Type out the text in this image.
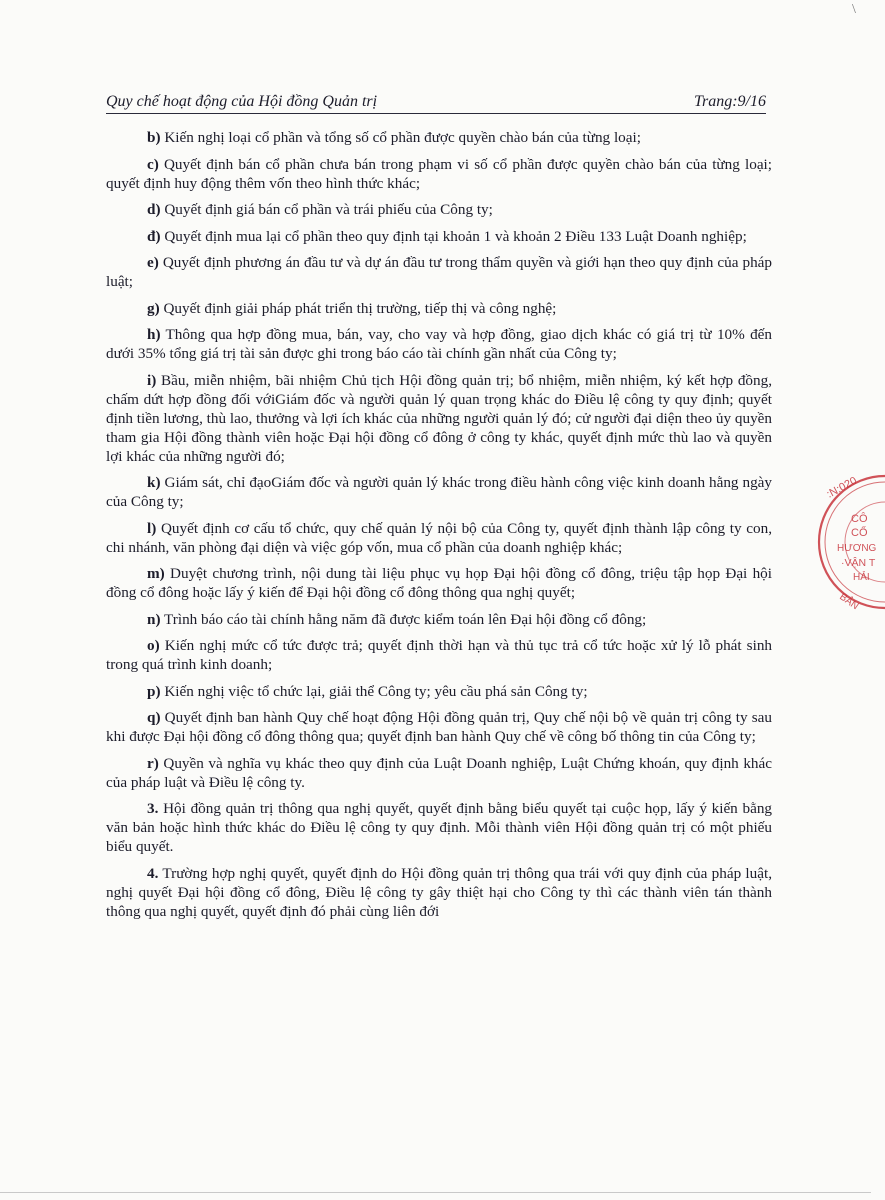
Quy chế hoạt động của Hội đồng Quản trị	Trang:9/16

b) Kiến nghị loại cổ phần và tổng số cổ phần được quyền chào bán của từng loại;

c) Quyết định bán cổ phần chưa bán trong phạm vi số cổ phần được quyền chào bán của từng loại; quyết định huy động thêm vốn theo hình thức khác;

d) Quyết định giá bán cổ phần và trái phiếu của Công ty;

đ) Quyết định mua lại cổ phần theo quy định tại khoản 1 và khoản 2 Điều 133 Luật Doanh nghiệp;

e) Quyết định phương án đầu tư và dự án đầu tư trong thẩm quyền và giới hạn theo quy định của pháp luật;

g) Quyết định giải pháp phát triển thị trường, tiếp thị và công nghệ;

h) Thông qua hợp đồng mua, bán, vay, cho vay và hợp đồng, giao dịch khác có giá trị từ 10% đến dưới 35% tổng giá trị tài sản được ghi trong báo cáo tài chính gần nhất của Công ty;

i) Bầu, miễn nhiệm, bãi nhiệm Chủ tịch Hội đồng quản trị; bổ nhiệm, miễn nhiệm, ký kết hợp đồng, chấm dứt hợp đồng đối vớiGiám đốc và người quản lý quan trọng khác do Điều lệ công ty quy định; quyết định tiền lương, thù lao, thưởng và lợi ích khác của những người quản lý đó; cử người đại diện theo ủy quyền tham gia Hội đồng thành viên hoặc Đại hội đồng cổ đông ở công ty khác, quyết định mức thù lao và quyền lợi khác của những người đó;

k) Giám sát, chỉ đạoGiám đốc và người quản lý khác trong điều hành công việc kinh doanh hằng ngày của Công ty;

l) Quyết định cơ cấu tổ chức, quy chế quản lý nội bộ của Công ty, quyết định thành lập công ty con, chi nhánh, văn phòng đại diện và việc góp vốn, mua cổ phần của doanh nghiệp khác;

m) Duyệt chương trình, nội dung tài liệu phục vụ họp Đại hội đồng cổ đông, triệu tập họp Đại hội đồng cổ đông hoặc lấy ý kiến để Đại hội đồng cổ đông thông qua nghị quyết;

n) Trình báo cáo tài chính hằng năm đã được kiểm toán lên Đại hội đồng cổ đông;

o) Kiến nghị mức cổ tức được trả; quyết định thời hạn và thủ tục trả cổ tức hoặc xử lý lỗ phát sinh trong quá trình kinh doanh;

p) Kiến nghị việc tổ chức lại, giải thể Công ty; yêu cầu phá sản Công ty;

q) Quyết định ban hành Quy chế hoạt động Hội đồng quản trị, Quy chế nội bộ về quản trị công ty sau khi được Đại hội đồng cổ đông thông qua; quyết định ban hành Quy chế về công bố thông tin của Công ty;

r) Quyền và nghĩa vụ khác theo quy định của Luật Doanh nghiệp, Luật Chứng khoán, quy định khác của pháp luật và Điều lệ công ty.

3. Hội đồng quản trị thông qua nghị quyết, quyết định bằng biểu quyết tại cuộc họp, lấy ý kiến bằng văn bản hoặc hình thức khác do Điều lệ công ty quy định. Mỗi thành viên Hội đồng quản trị có một phiếu biểu quyết.

4. Trường hợp nghị quyết, quyết định do Hội đồng quản trị thông qua trái với quy định của pháp luật, nghị quyết Đại hội đồng cổ đông, Điều lệ công ty gây thiệt hại cho Công ty thì các thành viên tán thành thông qua nghị quyết, quyết định đó phải cùng liên đới

:N:020
CÔ
CỔ
HƯƠNG
·VẬN T
HẢI
BẢN
\
